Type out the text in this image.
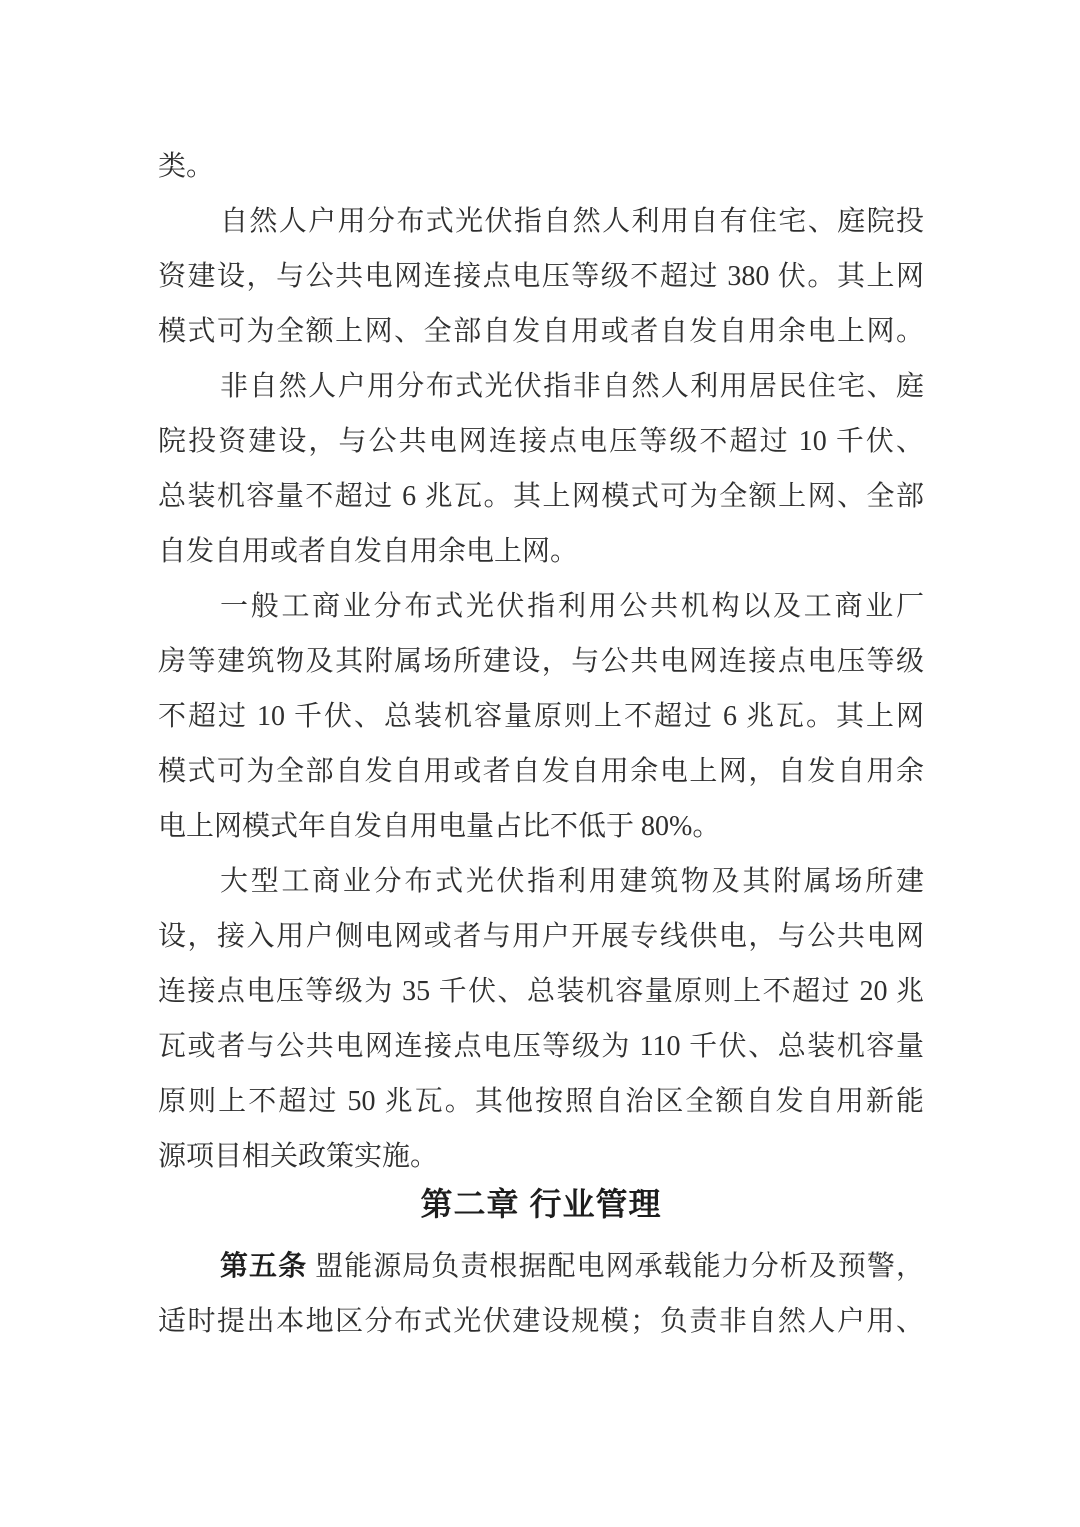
类。
自然人户用分布式光伏指自然人利用自有住宅、庭院投
资建设，与公共电网连接点电压等级不超过 380 伏。其上网
模式可为全额上网、全部自发自用或者自发自用余电上网。
非自然人户用分布式光伏指非自然人利用居民住宅、庭
院投资建设，与公共电网连接点电压等级不超过 10 千伏、
总装机容量不超过 6 兆瓦。其上网模式可为全额上网、全部
自发自用或者自发自用余电上网。
一般工商业分布式光伏指利用公共机构以及工商业厂
房等建筑物及其附属场所建设，与公共电网连接点电压等级
不超过 10 千伏、总装机容量原则上不超过 6 兆瓦。其上网
模式可为全部自发自用或者自发自用余电上网，自发自用余
电上网模式年自发自用电量占比不低于 80%。
大型工商业分布式光伏指利用建筑物及其附属场所建
设，接入用户侧电网或者与用户开展专线供电，与公共电网
连接点电压等级为 35 千伏、总装机容量原则上不超过 20 兆
瓦或者与公共电网连接点电压等级为 110 千伏、总装机容量
原则上不超过 50 兆瓦。其他按照自治区全额自发自用新能
源项目相关政策实施。
第二章 行业管理
第五条 盟能源局负责根据配电网承载能力分析及预警，
适时提出本地区分布式光伏建设规模；负责非自然人户用、
